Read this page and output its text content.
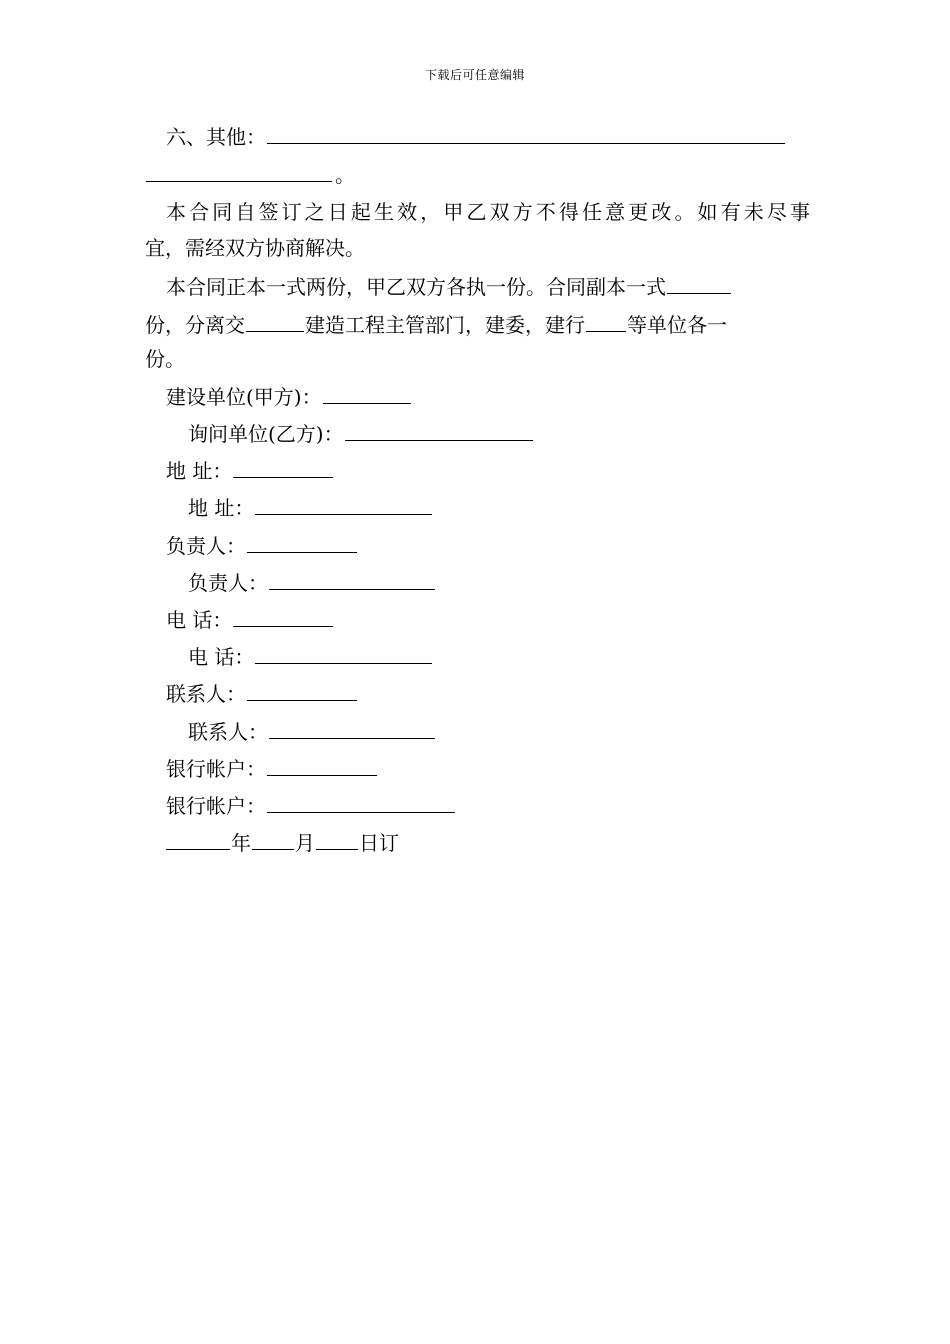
下载后可任意编辑
六、其他：
。
本合同自签订之日起生效，甲乙双方不得任意更改。如有未尽事
宜，需经双方协商解决。
本合同正本一式两份，甲乙双方各执一份。合同副本一式
份，分离交	建造工程主管部门，建委，建行 等单位各一
份。
建设单位(甲方)：
询问单位(乙方)：
地 址：
地 址：
负责人：
负责人：
电 话：
电 话：
联系人：
联系人：
银行帐户：
银行帐户：
年 月 日订
